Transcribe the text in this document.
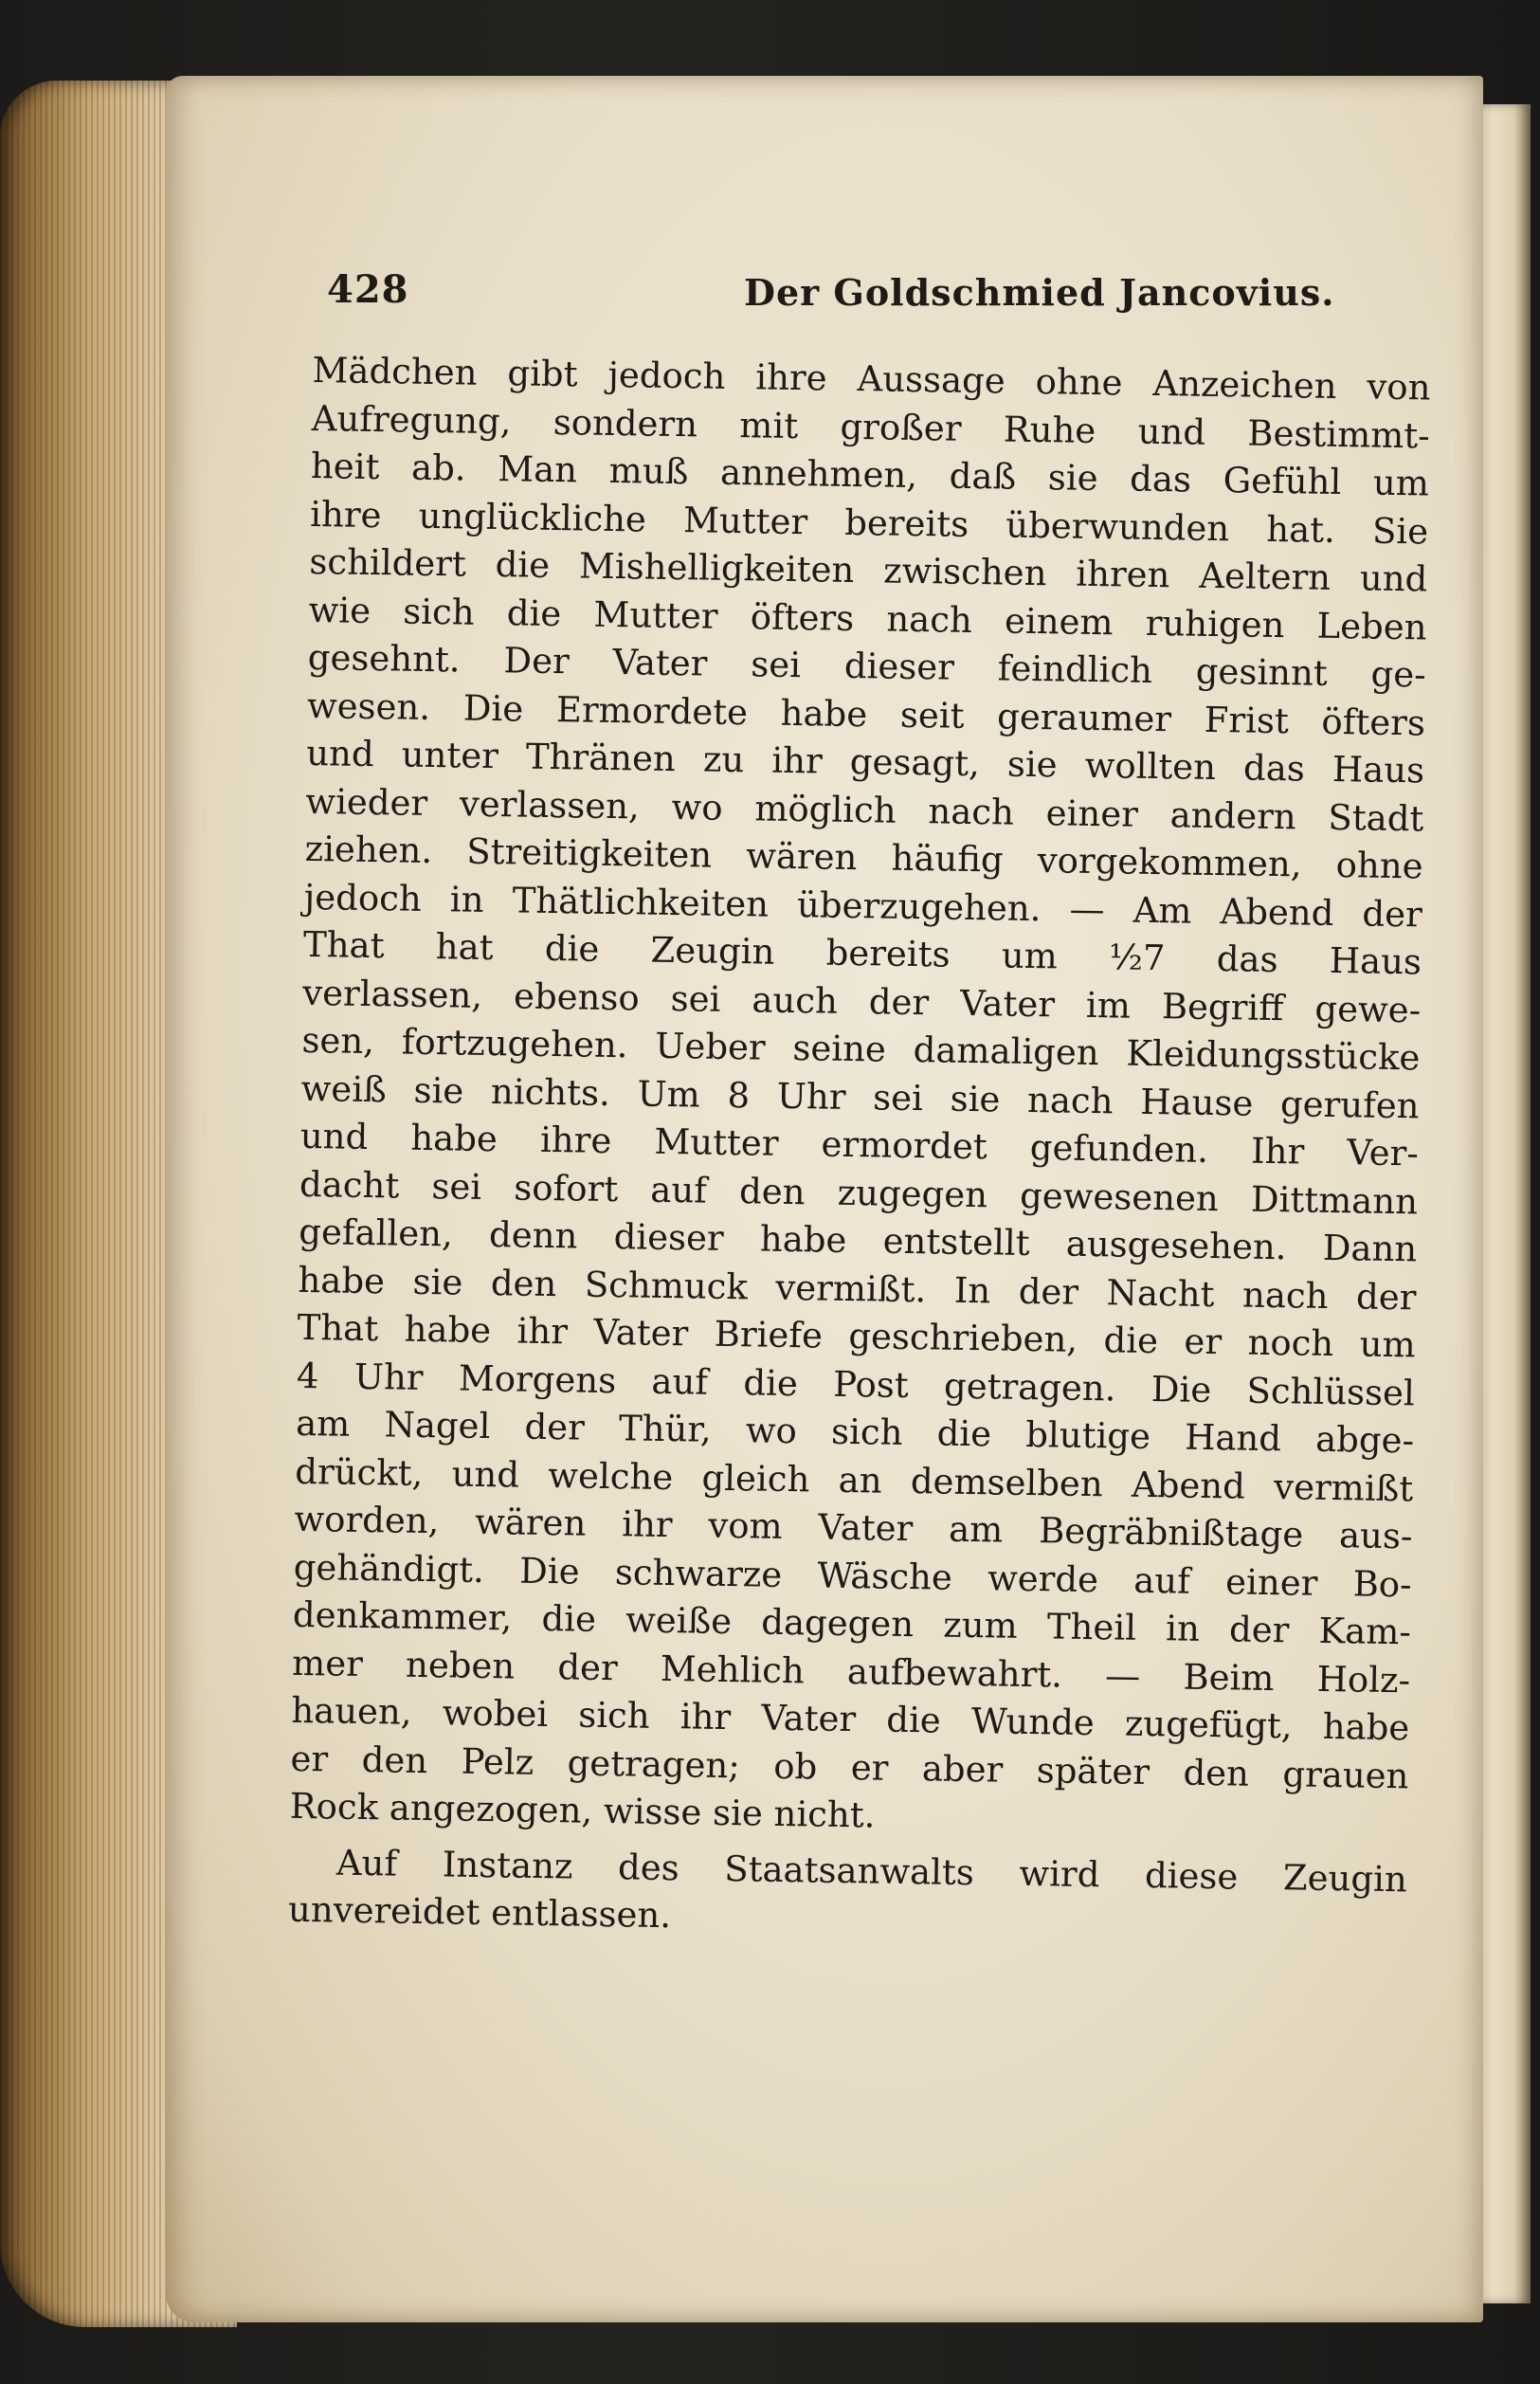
428	Der Goldschmied Jancovius.
Mädchen gibt jedoch ihre Aussage ohne Anzeichen von
Aufregung, sondern mit großer Ruhe und Bestimmt-
heit ab. Man muß annehmen, daß sie das Gefühl um
ihre unglückliche Mutter bereits überwunden hat. Sie
schildert die Mishelligkeiten zwischen ihren Aeltern und
wie sich die Mutter öfters nach einem ruhigen Leben
gesehnt. Der Vater sei dieser feindlich gesinnt ge-
wesen. Die Ermordete habe seit geraumer Frist öfters
und unter Thränen zu ihr gesagt, sie wollten das Haus
wieder verlassen, wo möglich nach einer andern Stadt
ziehen. Streitigkeiten wären häufig vorgekommen, ohne
jedoch in Thätlichkeiten überzugehen. — Am Abend der
That hat die Zeugin bereits um ½7 das Haus
verlassen, ebenso sei auch der Vater im Begriff gewe-
sen, fortzugehen. Ueber seine damaligen Kleidungsstücke
weiß sie nichts. Um 8 Uhr sei sie nach Hause gerufen
und habe ihre Mutter ermordet gefunden. Ihr Ver-
dacht sei sofort auf den zugegen gewesenen Dittmann
gefallen, denn dieser habe entstellt ausgesehen. Dann
habe sie den Schmuck vermißt. In der Nacht nach der
That habe ihr Vater Briefe geschrieben, die er noch um
4 Uhr Morgens auf die Post getragen. Die Schlüssel
am Nagel der Thür, wo sich die blutige Hand abge-
drückt, und welche gleich an demselben Abend vermißt
worden, wären ihr vom Vater am Begräbnißtage aus-
gehändigt. Die schwarze Wäsche werde auf einer Bo-
denkammer, die weiße dagegen zum Theil in der Kam-
mer neben der Mehlich aufbewahrt. — Beim Holz-
hauen, wobei sich ihr Vater die Wunde zugefügt, habe
er den Pelz getragen; ob er aber später den grauen
Rock angezogen, wisse sie nicht.
Auf Instanz des Staatsanwalts wird diese Zeugin
unvereidet entlassen.
